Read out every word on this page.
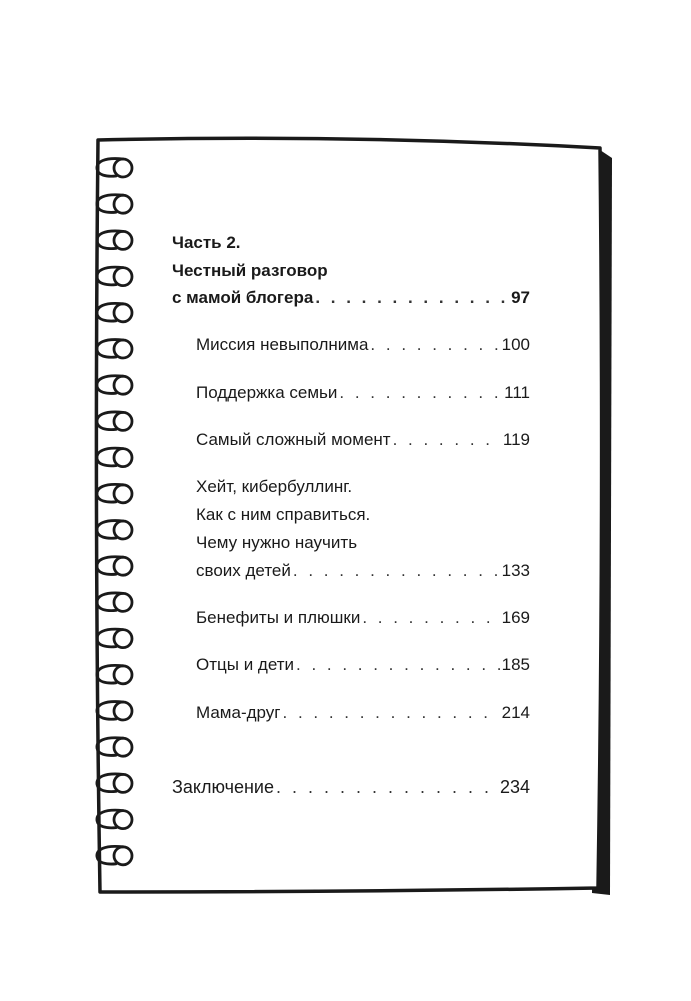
Часть 2.
Честный разговор
с мамой блогера . . .	97
Миссия невыполнима . . .	100
Поддержка семьи . . .	111
Самый сложный момент . . .	119
Хейт, кибербуллинг.
Как с ним справиться.
Чему нужно научить
своих детей . . .	133
Бенефиты и плюшки . . .	169
Отцы и дети . . .	185
Мама-друг . . .	214
Заключение . . .	234
